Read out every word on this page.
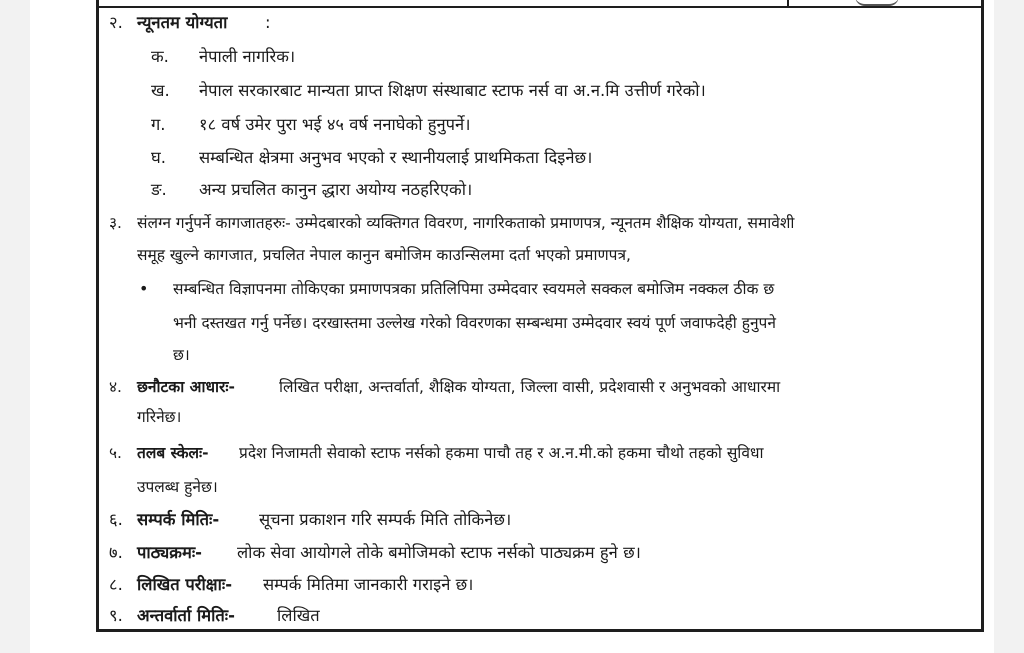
२. न्यूनतम योग्यता :
क. नेपाली नागरिक।
ख. नेपाल सरकारबाट मान्यता प्राप्त शिक्षण संस्थाबाट स्टाफ नर्स वा अ.न.मि उत्तीर्ण गरेको।
ग. १८ वर्ष उमेर पुरा भई ४५ वर्ष ननाघेको हुनुपर्ने।
घ. सम्बन्धित क्षेत्रमा अनुभव भएको र स्थानीयलाई प्राथमिकता दिइनेछ।
ङ. अन्य प्रचलित कानुन द्धारा अयोग्य नठहरिएको।
३. संलग्न गर्नुपर्ने कागजातहरुः- उम्मेदबारको व्यक्तिगत विवरण, नागरिकताको प्रमाणपत्र, न्यूनतम शैक्षिक योग्यता, समावेशी
समूह खुल्ने कागजात, प्रचलित नेपाल कानुन बमोजिम काउन्सिलमा दर्ता भएको प्रमाणपत्र,
• सम्बन्धित विज्ञापनमा तोकिएका प्रमाणपत्रका प्रतिलिपिमा उम्मेदवार स्वयमले सक्कल बमोजिम नक्कल ठीक छ
भनी दस्तखत गर्नु पर्नेछ। दरखास्तमा उल्लेख गरेको विवरणका सम्बन्धमा उम्मेदवार स्वयं पूर्ण जवाफदेही हुनुपने
छ।
४. छनौटका आधारः-	लिखित परीक्षा, अन्तर्वार्ता, शैक्षिक योग्यता, जिल्ला वासी, प्रदेशवासी र अनुभवको आधारमा
गरिनेछ।
५. तलब स्केलः- प्रदेश निजामती सेवाको स्टाफ नर्सको हकमा पाचौ तह र अ.न.मी.को हकमा चौथो तहको सुविधा
उपलब्ध हुनेछ।
६. सम्पर्क मितिः- सूचना प्रकाशन गरि सम्पर्क मिति तोकिनेछ।
७. पाठ्यक्रमः- लोक सेवा आयोगले तोके बमोजिमको स्टाफ नर्सको पाठ्यक्रम हुने छ।
८. लिखित परीक्षाः- सम्पर्क मितिमा जानकारी गराइने छ।
९. अन्तर्वार्ता मितिः-	लिखित
